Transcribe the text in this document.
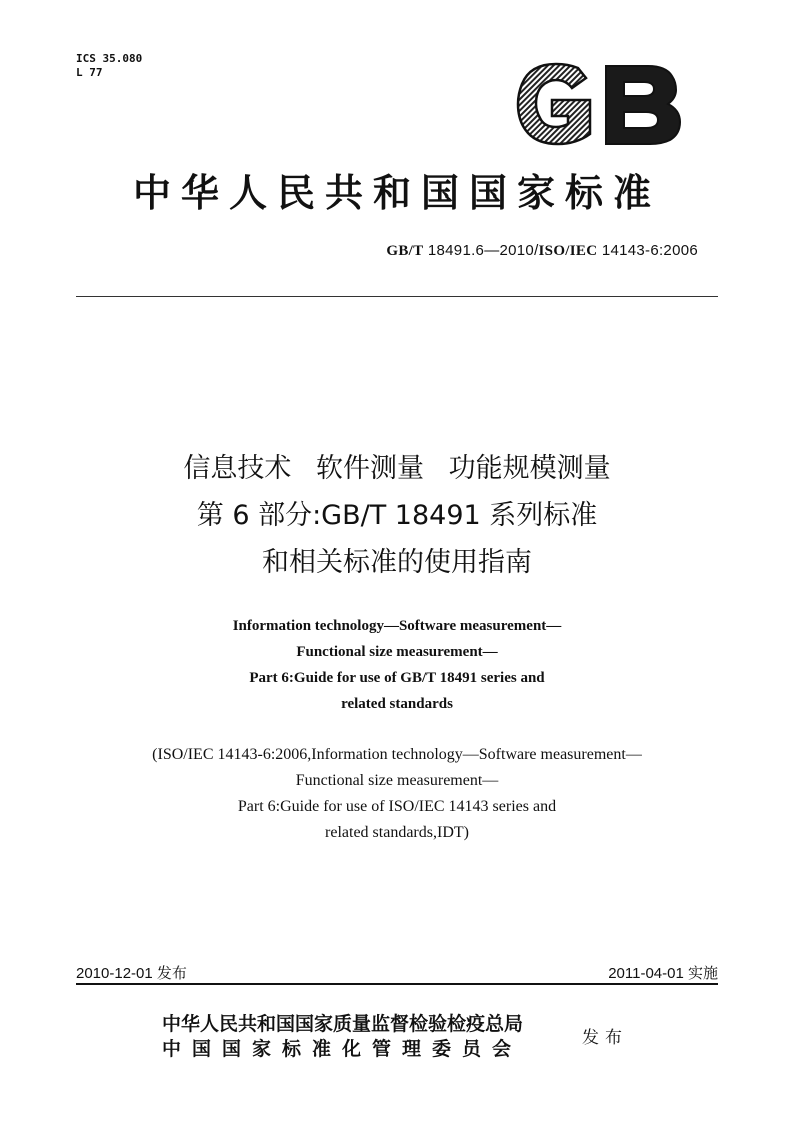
ICS 35.080
L 77
中华人民共和国国家标准
GB/T 18491.6—2010/ISO/IEC 14143-6:2006
信息技术 软件测量 功能规模测量
第 6 部分:GB/T 18491 系列标准
和相关标准的使用指南
Information technology—Software measurement—
Functional size measurement—
Part 6:Guide for use of GB/T 18491 series and
related standards
(ISO/IEC 14143-6:2006,Information technology—Software measurement—
Functional size measurement—
Part 6:Guide for use of ISO/IEC 14143 series and
related standards,IDT)
2010-12-01 发布	2011-04-01 实施
中华人民共和国国家质量监督检验检疫总局
中国国家标准化管理委员会	发布
